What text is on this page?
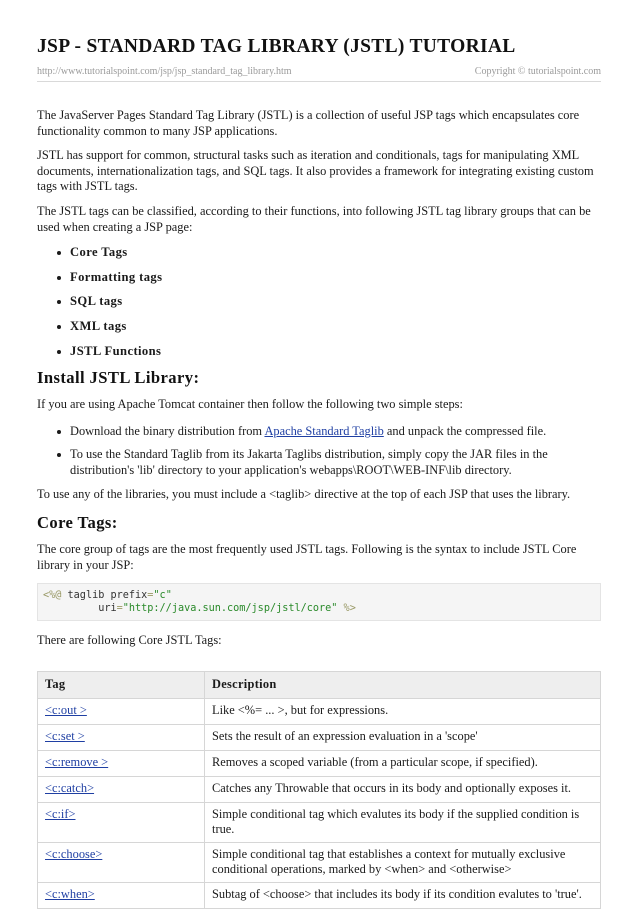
JSP - STANDARD TAG LIBRARY (JSTL) TUTORIAL
http://www.tutorialspoint.com/jsp/jsp_standard_tag_library.htm	Copyright © tutorialspoint.com

The JavaServer Pages Standard Tag Library (JSTL) is a collection of useful JSP tags which encapsulates core functionality common to many JSP applications.

JSTL has support for common, structural tasks such as iteration and conditionals, tags for manipulating XML documents, internationalization tags, and SQL tags. It also provides a framework for integrating existing custom tags with JSTL tags.

The JSTL tags can be classified, according to their functions, into following JSTL tag library groups that can be used when creating a JSP page:

Core Tags
Formatting tags
SQL tags
XML tags
JSTL Functions
Install JSTL Library:

If you are using Apache Tomcat container then follow the following two simple steps:

Download the binary distribution from Apache Standard Taglib and unpack the compressed file.
To use the Standard Taglib from its Jakarta Taglibs distribution, simply copy the JAR files in the distribution's 'lib' directory to your application's webapps\ROOT\WEB-INF\lib directory.

To use any of the libraries, you must include a <taglib> directive at the top of each JSP that uses the library.

Core Tags:

The core group of tags are the most frequently used JSTL tags. Following is the syntax to include JSTL Core library in your JSP:

<%@ taglib prefix="c"
uri="http://java.sun.com/jsp/jstl/core" %>

There are following Core JSTL Tags:

Tag	Description
<c:out >	Like <%= ... >, but for expressions.
<c:set >	Sets the result of an expression evaluation in a 'scope'
<c:remove >	Removes a scoped variable (from a particular scope, if specified).
<c:catch>	Catches any Throwable that occurs in its body and optionally exposes it.
<c:if>	Simple conditional tag which evalutes its body if the supplied condition is true.
<c:choose>	Simple conditional tag that establishes a context for mutually exclusive conditional operations, marked by <when> and <otherwise>
<c:when>	Subtag of <choose> that includes its body if its condition evalutes to 'true'.
